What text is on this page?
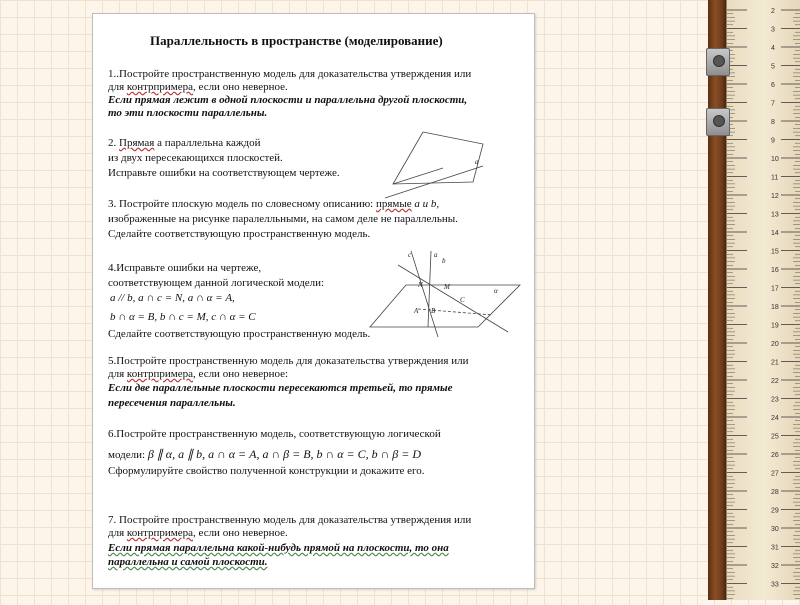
Параллельность в пространстве (моделирование)
1..Постройте пространственную модель для доказательства утверждения или
для контрпримера, если оно неверное.
Если прямая лежит в одной плоскости и параллельна другой плоскости,
то эти плоскости параллельны.
2. Прямая a параллельна каждой
из двух пересекающихся плоскостей.
Исправьте ошибки на соответствующем чертеже.
a
3. Постройте плоскую модель по словесному описанию: прямые a и b,
изображенные на рисунке паралелльными, на самом деле не параллельны.
Сделайте соответствующую пространственную модель.
4.Исправьте ошибки на чертеже,
соответствующем данной логической модели:
a // b, a ∩ c = N, a ∩ α = A,
b ∩ α = B, b ∩ c = M, c ∩ α = C
Сделайте соответствующую пространственную модель.
c	a
b
N	M
A B
C
α
5.Постройте пространственную модель для доказательства утверждения или
для контрпримера, если оно неверное:
Если две параллельные плоскости пересекаются третьей, то прямые
пересечения параллельны.
6.Постройте пространственную модель, соответствующую логической
модели: β ∥ α, a ∥ b, a ∩ α = A, a ∩ β = B, b ∩ α = C, b ∩ β = D
Сформулируйте свойство полученной конструкции и докажите его.
7. Постройте пространственную модель для доказательства утверждения или
для контрпримера, если оно неверное.
Если прямая параллельна какой-нибудь прямой на плоскости, то она
параллельна и самой плоскости.
2
3
4
5
6
7
8
9
10
11
12
13
14
15
16
17
18
19
20
21
22
23
24
25
26
27
28
29
30
31
32
33
